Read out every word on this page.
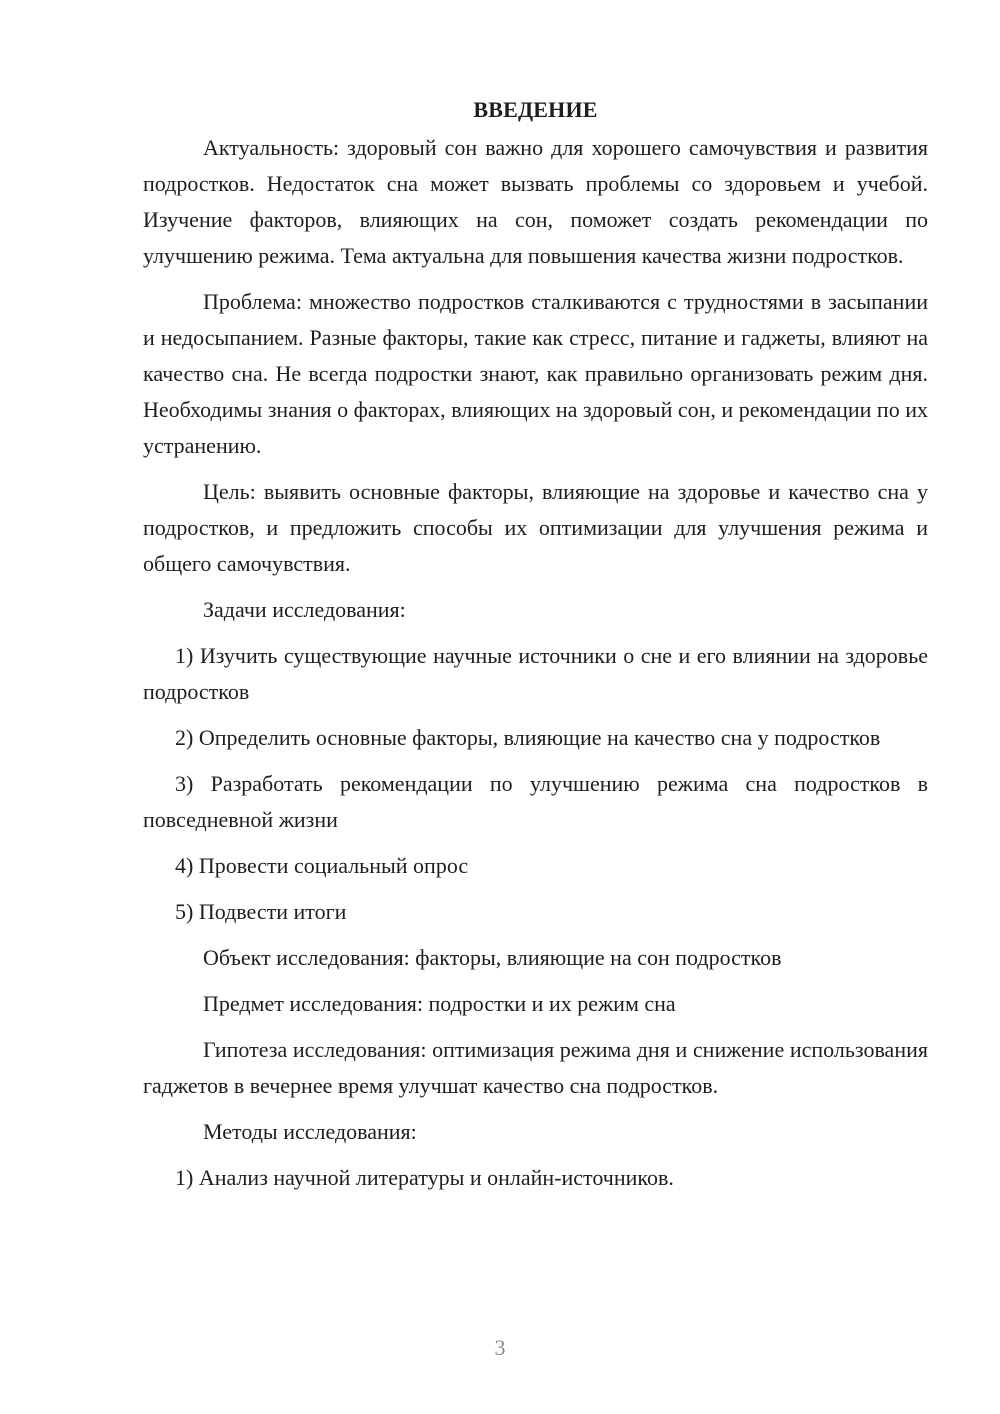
ВВЕДЕНИЕ

Актуальность: здоровый сон важно для хорошего самочувствия и развития подростков. Недостаток сна может вызвать проблемы со здоровьем и учебой. Изучение факторов, влияющих на сон, поможет создать рекомендации по улучшению режима. Тема актуальна для повышения качества жизни подростков.

Проблема: множество подростков сталкиваются с трудностями в засыпании и недосыпанием. Разные факторы, такие как стресс, питание и гаджеты, влияют на качество сна. Не всегда подростки знают, как правильно организовать режим дня. Необходимы знания о факторах, влияющих на здоровый сон, и рекомендации по их устранению.

Цель: выявить основные факторы, влияющие на здоровье и качество сна у подростков, и предложить способы их оптимизации для улучшения режима и общего самочувствия.

Задачи исследования:

1) Изучить существующие научные источники о сне и его влиянии на здоровье подростков

2) Определить основные факторы, влияющие на качество сна у подростков

3) Разработать рекомендации по улучшению режима сна подростков в повседневной жизни

4) Провести социальный опрос

5) Подвести итоги

Объект исследования: факторы, влияющие на сон подростков

Предмет исследования: подростки и их режим сна

Гипотеза исследования: оптимизация режима дня и снижение использования гаджетов в вечернее время улучшат качество сна подростков.

Методы исследования:

1) Анализ научной литературы и онлайн-источников.

3
